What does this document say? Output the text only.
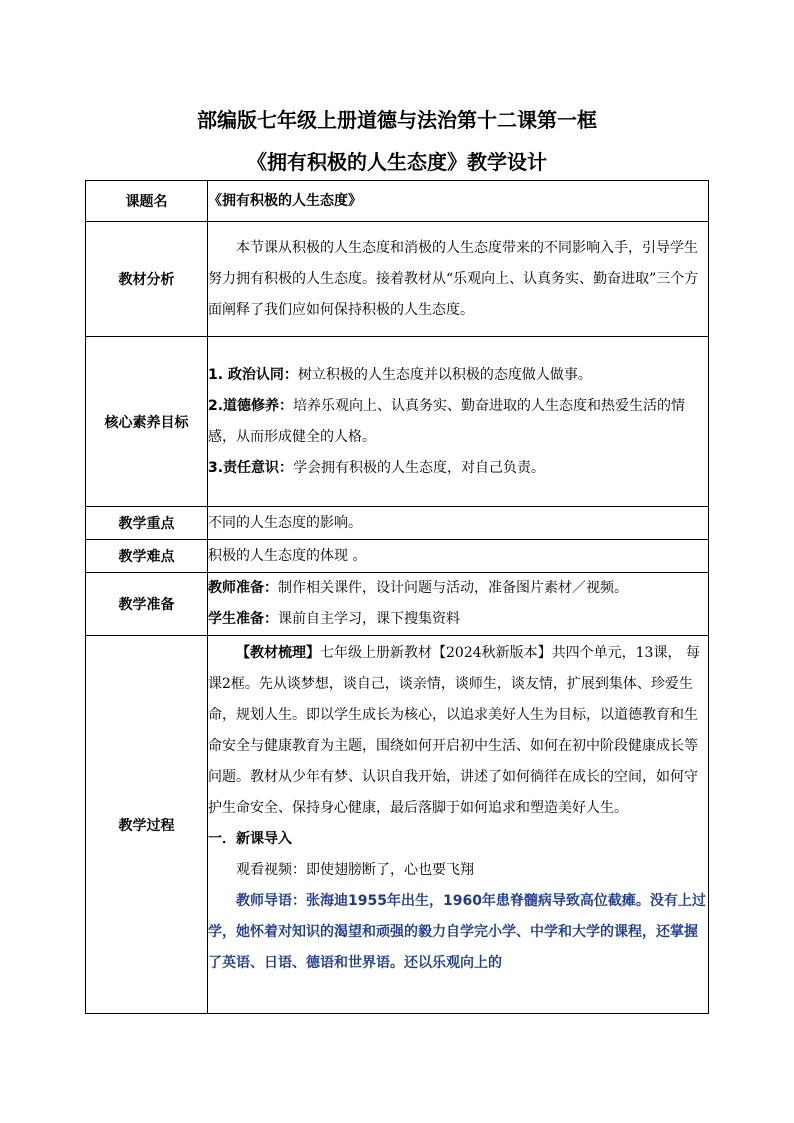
部编版七年级上册道德与法治第十二课第一框
《拥有积极的人生态度》教学设计
课题名	《拥有积极的人生态度》
教材分析	本节课从积极的人生态度和消极的人生态度带来的不同影响入手，引导学生努力拥有积极的人生态度。接着教材从“乐观向上、认真务实、勤奋进取”三个方面阐释了我们应如何保持积极的人生态度。

核心素养目标	1. 政治认同：树立积极的人生态度并以积极的态度做人做事。

2.道德修养：培养乐观向上、认真务实、勤奋进取的人生态度和热爱生活的情感，从而形成健全的人格。

3.责任意识：学会拥有积极的人生态度，对自己负责。

教学重点	不同的人生态度的影响。
教学难点	积极的人生态度的体现 。
教学准备	教师准备：制作相关课件，设计问题与活动，准备图片素材／视频。

学生准备：课前自主学习，课下搜集资料

教学过程	【教材梳理】七年级上册新教材【2024秋新版本】共四个单元，13课， 每课2框。先从谈梦想，谈自己，谈亲情，谈师生，谈友情，扩展到集体、珍爱生命，规划人生。即以学生成长为核心，以追求美好人生为目标，以道德教育和生命安全与健康教育为主题，围绕如何开启初中生活、如何在初中阶段健康成长等问题。教材从少年有梦、认识自我开始，讲述了如何徜徉在成长的空间，如何守护生命安全、保持身心健康，最后落脚于如何追求和塑造美好人生。

一．新课导入

观看视频：即使翅膀断了，心也要飞翔

教师导语：张海迪1955年出生，1960年患脊髓病导致高位截瘫。没有上过学，她怀着对知识的渴望和顽强的毅力自学完小学、中学和大学的课程，还掌握了英语、日语、德语和世界语。还以乐观向上的
